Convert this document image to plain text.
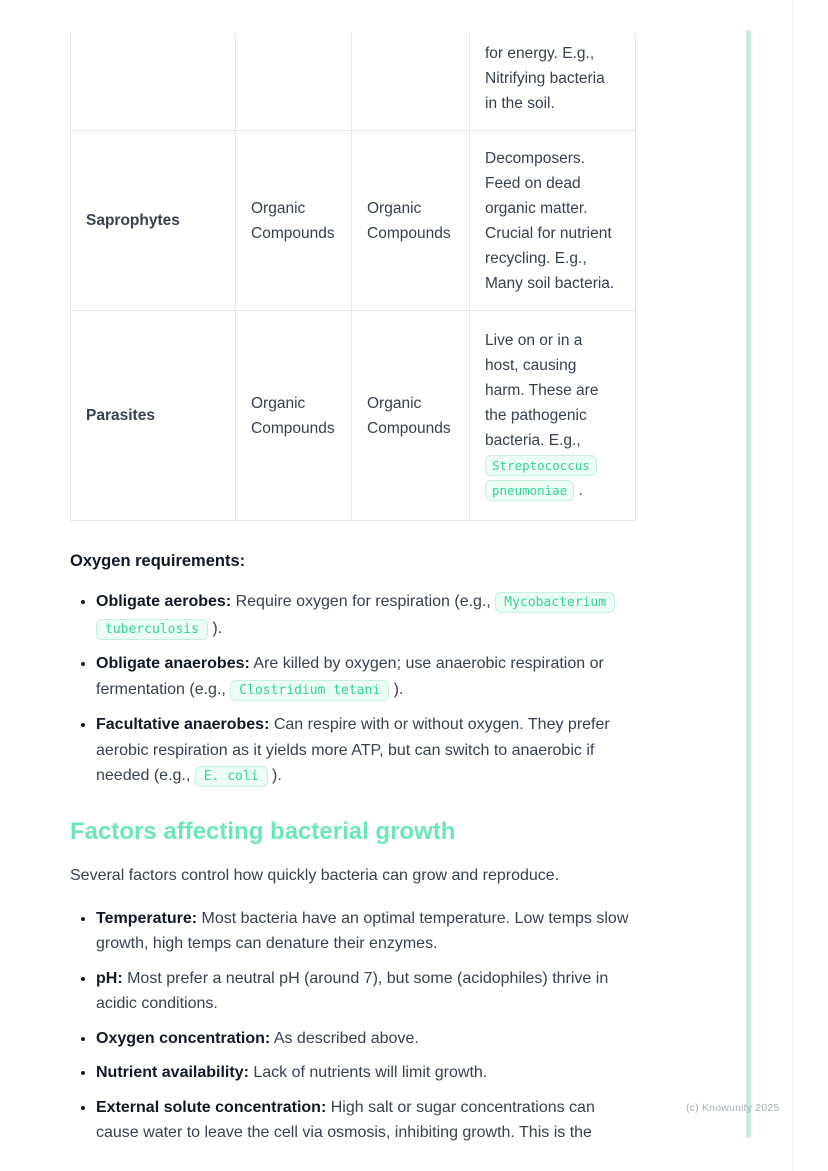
			for energy. E.g., Nitrifying bacteria in the soil.
Saprophytes	Organic Compounds	Organic Compounds	Decomposers. Feed on dead organic matter. Crucial for nutrient recycling. E.g., Many soil bacteria.
Parasites	Organic Compounds	Organic Compounds	Live on or in a host, causing harm. These are the pathogenic bacteria. E.g., Streptococcus pneumoniae .
Oxygen requirements:
• Obligate aerobes: Require oxygen for respiration (e.g., Mycobacterium tuberculosis ).
• Obligate anaerobes: Are killed by oxygen; use anaerobic respiration or fermentation (e.g., Clostridium tetani ).
• Facultative anaerobes: Can respire with or without oxygen. They prefer aerobic respiration as it yields more ATP, but can switch to anaerobic if needed (e.g., E. coli ).
Factors affecting bacterial growth

Several factors control how quickly bacteria can grow and reproduce.

• Temperature: Most bacteria have an optimal temperature. Low temps slow growth, high temps can denature their enzymes.
• pH: Most prefer a neutral pH (around 7), but some (acidophiles) thrive in acidic conditions.
• Oxygen concentration: As described above.
• Nutrient availability: Lack of nutrients will limit growth.
• External solute concentration: High salt or sugar concentrations can cause water to leave the cell via osmosis, inhibiting growth. This is the
(c) Knowunity 2025
